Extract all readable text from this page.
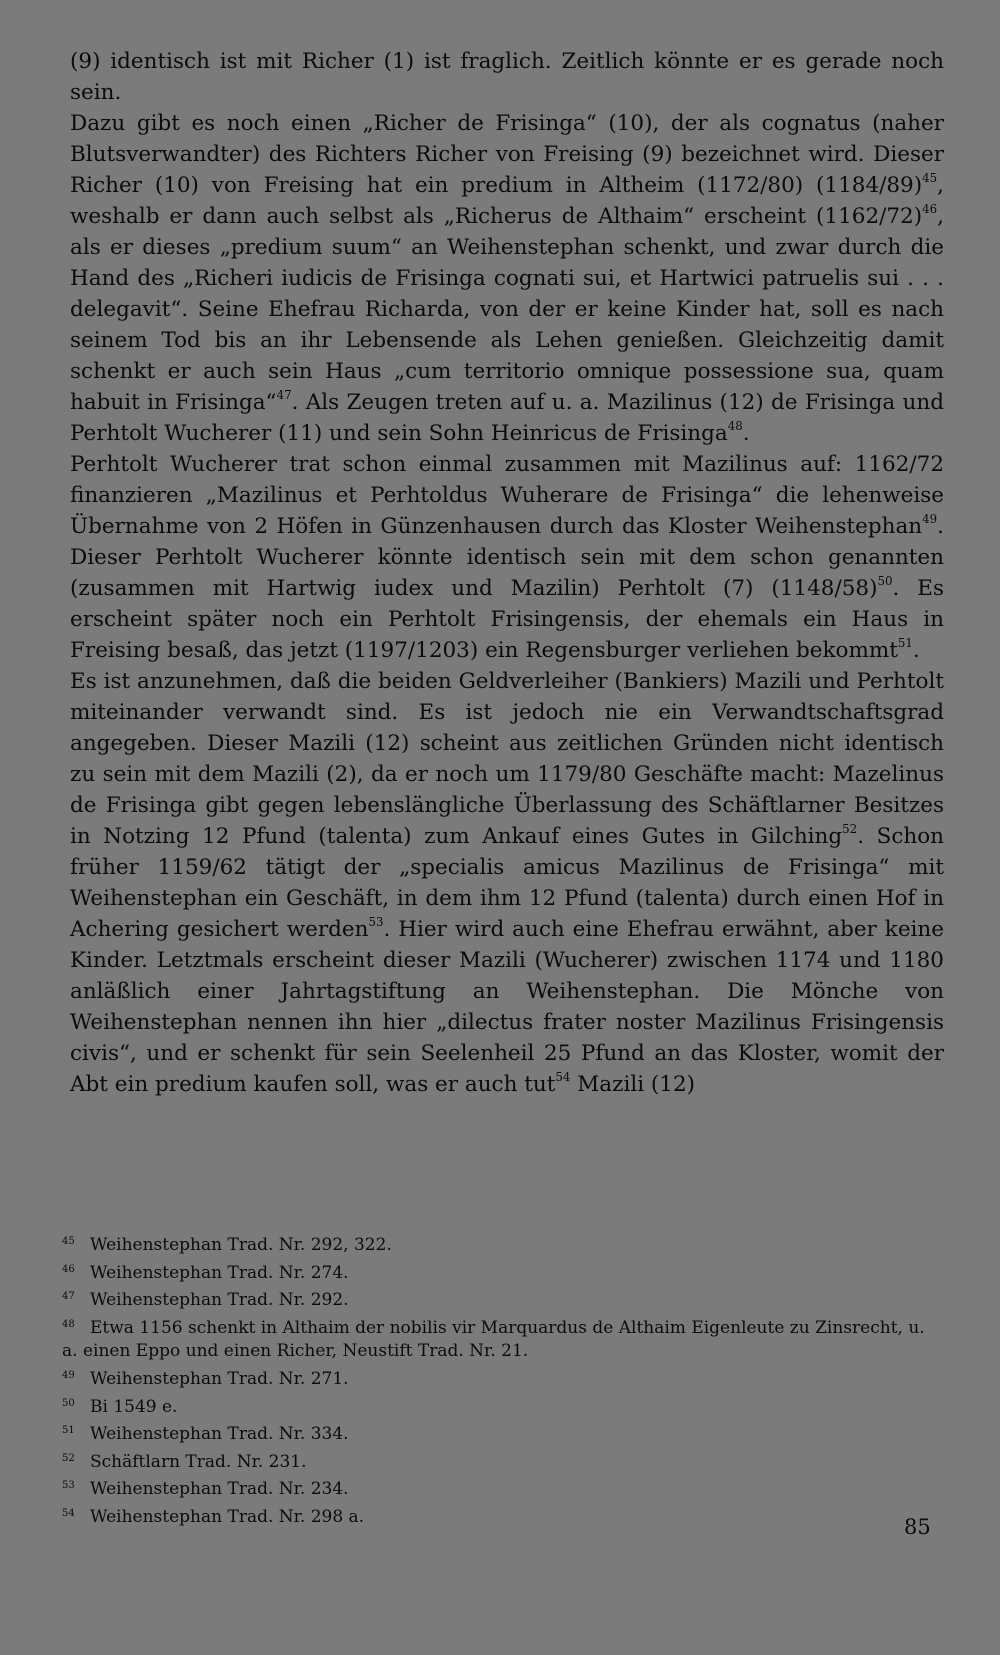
(9) identisch ist mit Richer (1) ist fraglich. Zeitlich könnte er es gerade noch sein.

Dazu gibt es noch einen „Richer de Frisinga“ (10), der als cognatus (naher Blutsverwandter) des Richters Richer von Freising (9) bezeichnet wird. Dieser Richer (10) von Freising hat ein predium in Altheim (1172/80) $(1184/89)^{45}$, weshalb er dann auch selbst als „Richerus de Althaim“ erscheint $(1162/72)^{46}$, als er dieses „predium suum“ an Weihenstephan schenkt, und zwar durch die Hand des „Richeri iudicis de Frisinga cognati sui, et Hartwici patruelis sui . . . delegavit“. Seine Ehefrau Richarda, von der er keine Kinder hat, soll es nach seinem Tod bis an ihr Lebensende als Lehen genießen. Gleichzeitig damit schenkt er auch sein Haus „cum territorio omnique possessione sua, quam habuit in Frisinga“$^{47}$. Als Zeugen treten auf u. a. Mazilinus (12) de Frisinga und Perhtolt Wucherer (11) und sein Sohn Heinricus de Frisinga$^{48}$.

Perhtolt Wucherer trat schon einmal zusammen mit Mazilinus auf: 1162/72 finanzieren „Mazilinus et Perhtoldus Wuherare de Frisinga“ die lehenweise Übernahme von 2 Höfen in Günzenhausen durch das Kloster Weihenstephan$^{49}$. Dieser Perhtolt Wucherer könnte identisch sein mit dem schon genannten (zusammen mit Hartwig iudex und Mazilin) Perhtolt (7) $(1148/58)^{50}$. Es erscheint später noch ein Perhtolt Frisingensis, der ehemals ein Haus in Freising besaß, das jetzt (1197/1203) ein Regensburger verliehen bekommt$^{51}$.

Es ist anzunehmen, daß die beiden Geldverleiher (Bankiers) Mazili und Perhtolt miteinander verwandt sind. Es ist jedoch nie ein Verwandtschaftsgrad angegeben. Dieser Mazili (12) scheint aus zeitlichen Gründen nicht identisch zu sein mit dem Mazili (2), da er noch um 1179/80 Geschäfte macht: Mazelinus de Frisinga gibt gegen lebenslängliche Überlassung des Schäftlarner Besitzes in Notzing 12 Pfund (talenta) zum Ankauf eines Gutes in Gilching$^{52}$. Schon früher 1159/62 tätigt der „specialis amicus Mazilinus de Frisinga“ mit Weihenstephan ein Geschäft, in dem ihm 12 Pfund (talenta) durch einen Hof in Achering gesichert werden$^{53}$. Hier wird auch eine Ehefrau erwähnt, aber keine Kinder. Letztmals erscheint dieser Mazili (Wucherer) zwischen 1174 und 1180 anläßlich einer Jahrtagstiftung an Weihenstephan. Die Mönche von Weihenstephan nennen ihn hier „dilectus frater noster Mazilinus Frisingensis civis“, und er schenkt für sein Seelenheil 25 Pfund an das Kloster, womit der Abt ein predium kaufen soll, was er auch tut$^{54}$ Mazili (12)

45 Weihenstephan Trad. Nr. 292, 322.

46 Weihenstephan Trad. Nr. 274.

47 Weihenstephan Trad. Nr. 292.

48 Etwa 1156 schenkt in Althaim der nobilis vir Marquardus de Althaim Eigenleute zu Zinsrecht, u. a. einen Eppo und einen Richer, Neustift Trad. Nr. 21.

49 Weihenstephan Trad. Nr. 271.

50 Bi 1549 e.

51 Weihenstephan Trad. Nr. 334.

52 Schäftlarn Trad. Nr. 231.

53 Weihenstephan Trad. Nr. 234.

54 Weihenstephan Trad. Nr. 298 a.	85
